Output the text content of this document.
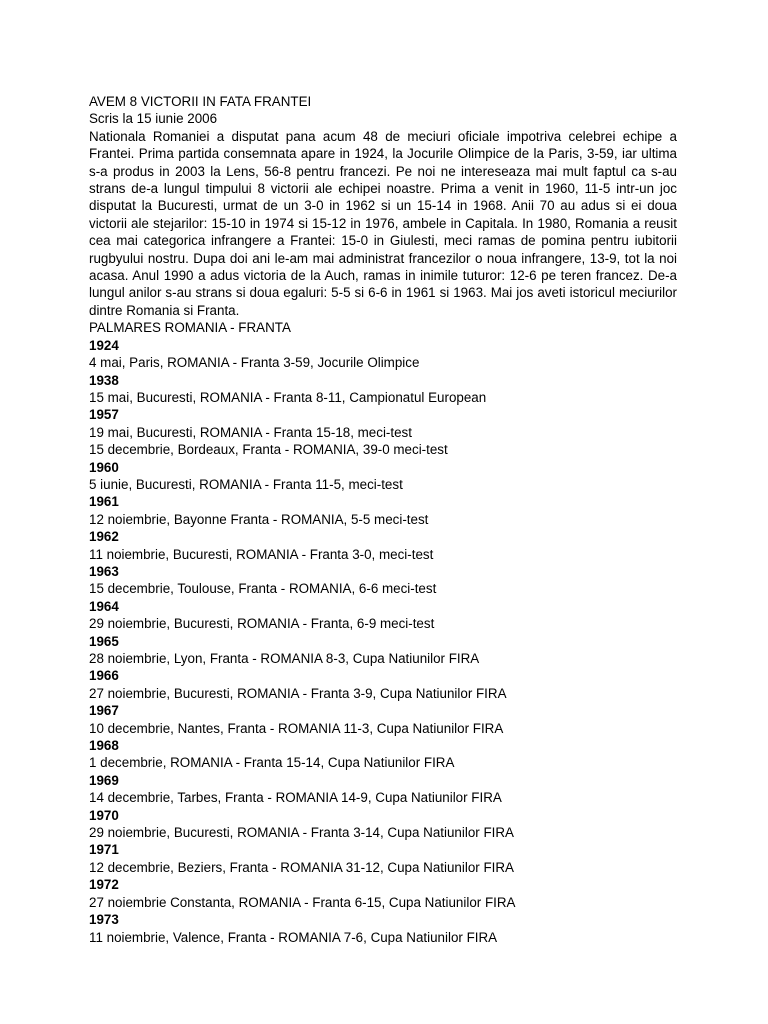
AVEM 8 VICTORII IN FATA FRANTEI
Scris la 15 iunie 2006
Nationala Romaniei a disputat pana acum 48 de meciuri oficiale impotriva celebrei echipe a Frantei. Prima partida consemnata apare in 1924, la Jocurile Olimpice de la Paris, 3-59, iar ultima s-a produs in 2003 la Lens, 56-8 pentru francezi. Pe noi ne intereseaza mai mult faptul ca s-au strans de-a lungul timpului 8 victorii ale echipei noastre. Prima a venit in 1960, 11-5 intr-un joc disputat la Bucuresti, urmat de un 3-0 in 1962 si un 15-14 in 1968. Anii 70 au adus si ei doua victorii ale stejarilor: 15-10 in 1974 si 15-12 in 1976, ambele in Capitala. In 1980, Romania a reusit cea mai categorica infrangere a Frantei: 15-0 in Giulesti, meci ramas de pomina pentru iubitorii rugbyului nostru. Dupa doi ani le-am mai administrat francezilor o noua infrangere, 13-9, tot la noi acasa. Anul 1990 a adus victoria de la Auch, ramas in inimile tuturor: 12-6 pe teren francez. De-a lungul anilor s-au strans si doua egaluri: 5-5 si 6-6 in 1961 si 1963. Mai jos aveti istoricul meciurilor dintre Romania si Franta.
PALMARES ROMANIA - FRANTA
1924
4 mai, Paris, ROMANIA - Franta 3-59, Jocurile Olimpice
1938
15 mai, Bucuresti, ROMANIA - Franta 8-11, Campionatul European
1957
19 mai, Bucuresti, ROMANIA - Franta 15-18, meci-test
15 decembrie, Bordeaux, Franta - ROMANIA, 39-0 meci-test
1960
5 iunie, Bucuresti, ROMANIA - Franta 11-5, meci-test
1961
12 noiembrie, Bayonne Franta - ROMANIA, 5-5 meci-test
1962
11 noiembrie, Bucuresti, ROMANIA - Franta 3-0, meci-test
1963
15 decembrie, Toulouse, Franta - ROMANIA, 6-6 meci-test
1964
29 noiembrie, Bucuresti, ROMANIA - Franta, 6-9 meci-test
1965
28 noiembrie, Lyon, Franta - ROMANIA 8-3, Cupa Natiunilor FIRA
1966
27 noiembrie, Bucuresti, ROMANIA - Franta 3-9, Cupa Natiunilor FIRA
1967
10 decembrie, Nantes, Franta - ROMANIA 11-3, Cupa Natiunilor FIRA
1968
1 decembrie, ROMANIA - Franta 15-14, Cupa Natiunilor FIRA
1969
14 decembrie, Tarbes, Franta - ROMANIA 14-9, Cupa Natiunilor FIRA
1970
29 noiembrie, Bucuresti, ROMANIA - Franta 3-14, Cupa Natiunilor FIRA
1971
12 decembrie, Beziers, Franta - ROMANIA 31-12, Cupa Natiunilor FIRA
1972
27 noiembrie Constanta, ROMANIA - Franta 6-15, Cupa Natiunilor FIRA
1973
11 noiembrie, Valence, Franta - ROMANIA 7-6, Cupa Natiunilor FIRA
